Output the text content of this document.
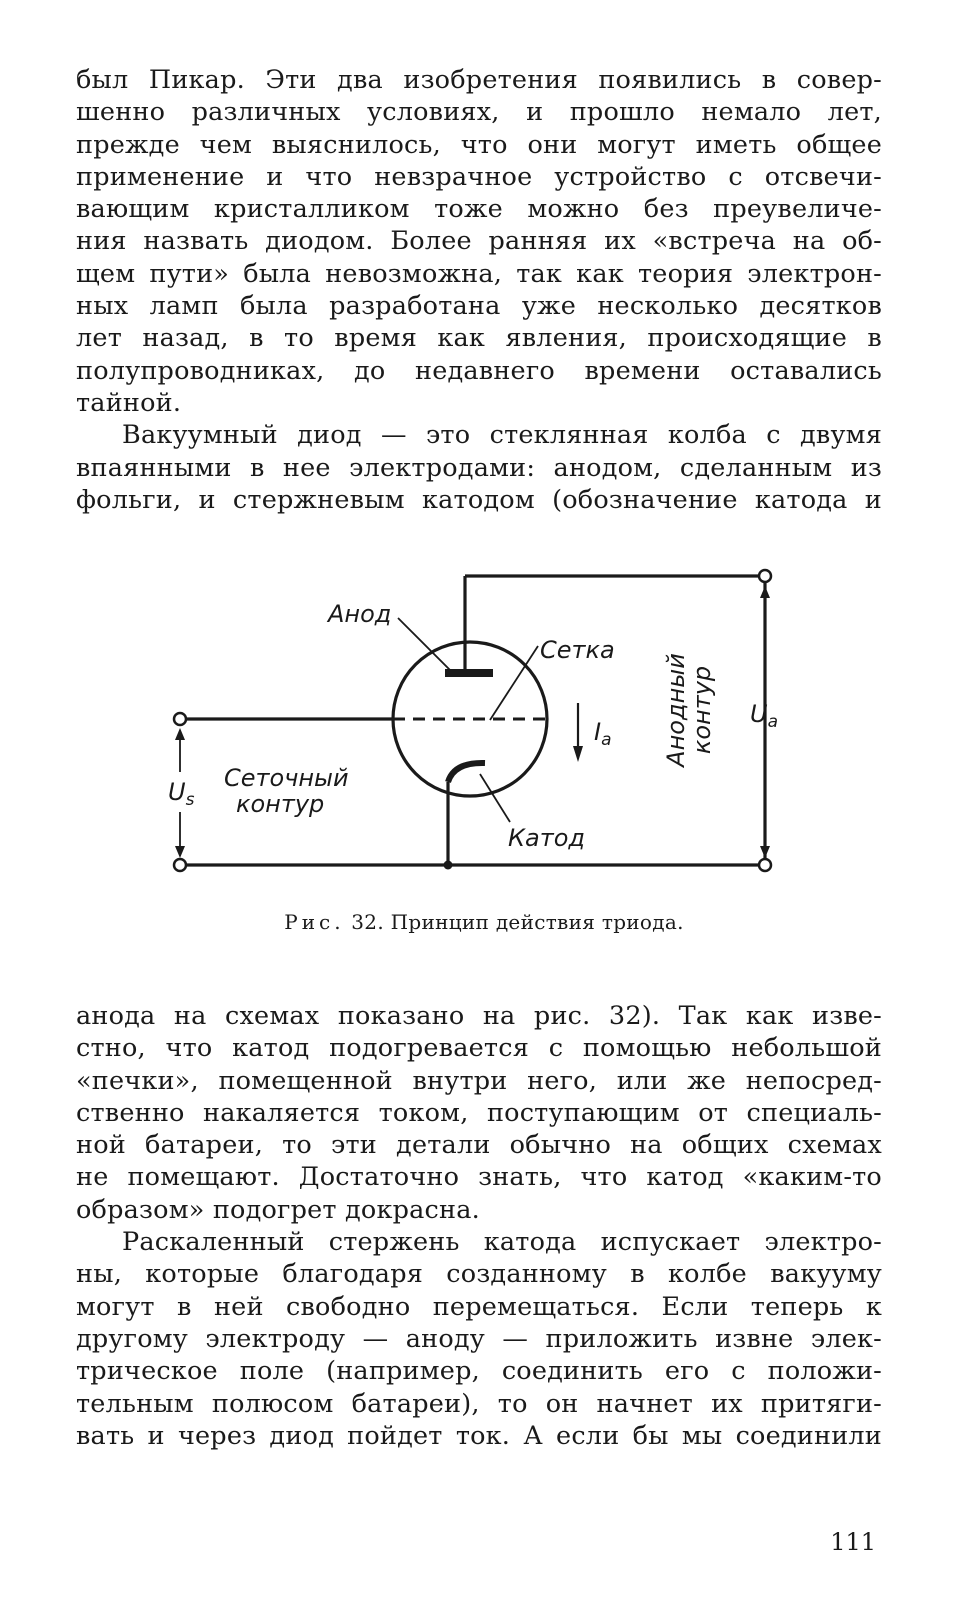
был Пикар. Эти два изобретения появились в совер-
шенно различных условиях, и прошло немало лет,
прежде чем выяснилось, что они могут иметь общее
применение и что невзрачное устройство с отсвечи-
вающим кристалликом тоже можно без преувеличе-
ния назвать диодом. Более ранняя их «встреча на об-
щем пути» была невозможна, так как теория электрон-
ных ламп была разработана уже несколько десятков
лет назад, в то время как явления, происходящие в
полупроводниках, до недавнего времени оставались
тайной.
Вакуумный диод — это стеклянная колба с двумя
впаянными в нее электродами: анодом, сделанным из
фольги, и стержневым катодом (обозначение катода и
Анод
Сетка
Катод
Сеточный
контур
Анодный
контур
$I_a$
$U_s$
$U_a$
Рис. 32. Принцип действия триода.
анода на схемах показано на рис. 32). Так как изве-
стно, что катод подогревается с помощью небольшой
«печки», помещенной внутри него, или же непосред-
ственно накаляется током, поступающим от специаль-
ной батареи, то эти детали обычно на общих схемах
не помещают. Достаточно знать, что катод «каким-то
образом» подогрет докрасна.
Раскаленный стержень катода испускает электро-
ны, которые благодаря созданному в колбе вакууму
могут в ней свободно перемещаться. Если теперь к
другому электроду — аноду — приложить извне элек-
трическое поле (например, соединить его с положи-
тельным полюсом батареи), то он начнет их притяги-
вать и через диод пойдет ток. А если бы мы соединили
111
